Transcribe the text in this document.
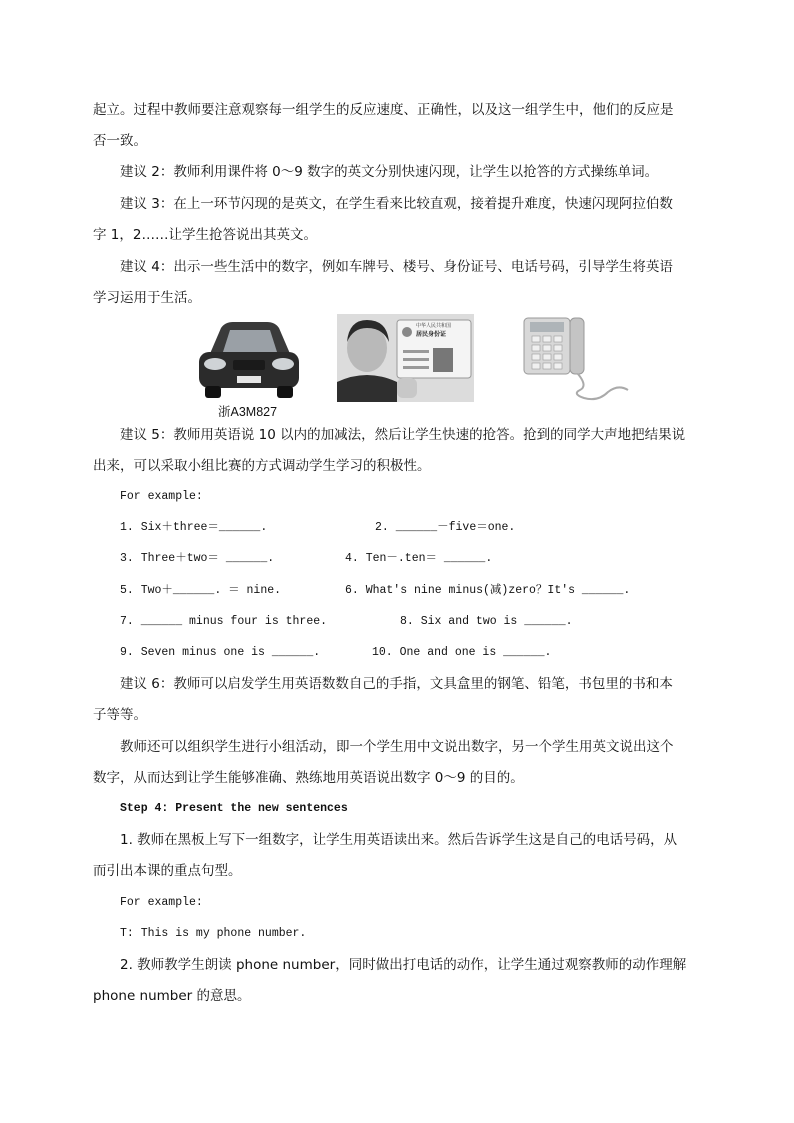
起立。过程中教师要注意观察每一组学生的反应速度、正确性，以及这一组学生中，他们的反应是
否一致。
建议 2：教师利用课件将 0～9 数字的英文分别快速闪现，让学生以抢答的方式操练单词。
建议 3：在上一环节闪现的是英文，在学生看来比较直观，接着提升难度，快速闪现阿拉伯数
字 1，2……让学生抢答说出其英文。
建议 4：出示一些生活中的数字，例如车牌号、楼号、身份证号、电话号码，引导学生将英语
学习运用于生活。
浙A3M827
中华人民共和国
居民身份证
建议 5：教师用英语说 10 以内的加减法，然后让学生快速的抢答。抢到的同学大声地把结果说
出来，可以采取小组比赛的方式调动学生学习的积极性。
For example:
1. Six＋three＝______.	2. ______－five＝one.
3. Three＋two＝ ______.	4. Ten－.ten＝ ______.
5. Two＋______. ＝ nine.	6. What's nine minus(减)zero？It's ______.
7. ______ minus four is three.	8. Six and two is ______.
9. Seven minus one is ______.	10. One and one is ______.
建议 6：教师可以启发学生用英语数数自己的手指，文具盒里的钢笔、铅笔，书包里的书和本
子等等。
教师还可以组织学生进行小组活动，即一个学生用中文说出数字，另一个学生用英文说出这个
数字，从而达到让学生能够准确、熟练地用英语说出数字 0～9 的目的。
Step 4: Present the new sentences
1. 教师在黑板上写下一组数字，让学生用英语读出来。然后告诉学生这是自己的电话号码，从
而引出本课的重点句型。
For example:
T: This is my phone number.
2. 教师教学生朗读 phone number，同时做出打电话的动作，让学生通过观察教师的动作理解
phone number 的意思。
